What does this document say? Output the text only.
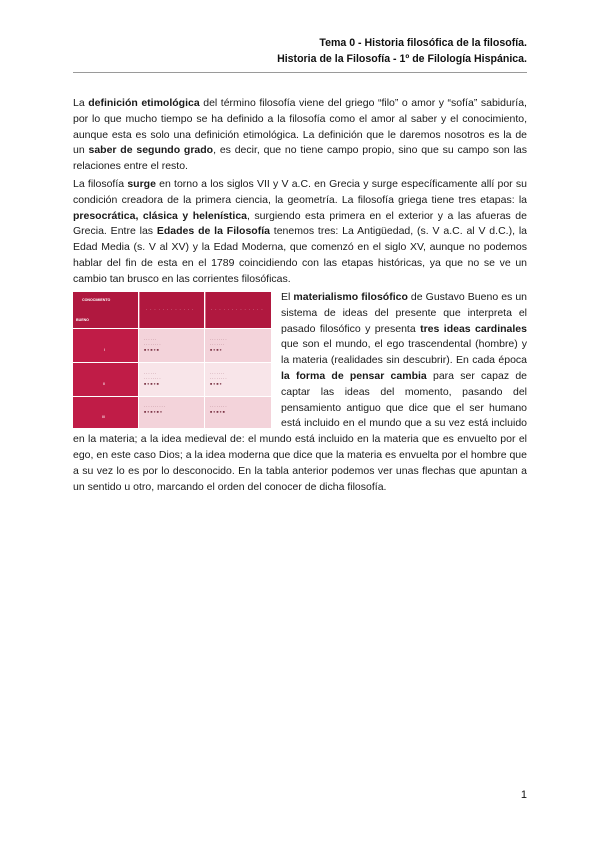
Tema 0 - Historia filosófica de la filosofía.
Historia de la Filosofía - 1º de Filología Hispánica.

La definición etimológica del término filosofía viene del griego “filo” o amor y “sofía” sabiduría, por lo que mucho tiempo se ha definido a la filosofía como el amor al saber y el conocimiento, aunque esta es solo una definición etimológica. La definición que le daremos nosotros es la de un saber de segundo grado, es decir, que no tiene campo propio, sino que su campo son las relaciones entre el resto.

La filosofía surge en torno a los siglos VII y V a.C. en Grecia y surge específicamente allí por su condición creadora de la primera ciencia, la geometría. La filosofía griega tiene tres etapas: la presocrática, clásica y helenística, surgiendo esta primera en el exterior y a las afueras de Grecia. Entre las Edades de la Filosofía tenemos tres: La Antigüedad, (s. V a.C. al V d.C.), la Edad Media (s. V al XV) y la Edad Moderna, que comenzó en el siglo XV, aunque no podemos hablar del fin de esta en el 1789 coincidiendo con las etapas históricas, ya que no se ve un cambio tan brusco en las corrientes filosóficas.

CONOCIMIENTO
BUENO
· · · · · · · · · · · ·	· · · · · · · · · · · · ·
I
· · · · · ·
· · · · · · · ·
■ ● ■ ● ■
· · · · · · · ·
· · · · · · ·
■ ● ■ ●
II
· · · · · ·
· · · · · · · ·
■ ● ■ ● ■
· · · · · · ·
· · · · · · · ·
■ ● ■ ●
III
· · · · · · · · · ·
■ ● ■ ● ■ ●
· · · · · · · ·
■ ● ■ ● ■
El materialismo filosófico de Gustavo Bueno es un sistema de ideas del presente que interpreta el pasado filosófico y presenta tres ideas cardinales que son el mundo, el ego trascendental (hombre) y la materia (realidades sin descubrir). En cada época la forma de pensar cambia para ser capaz de captar las ideas del momento, pasando del pensamiento antiguo que dice que el ser humano está incluido en el mundo que a su vez está incluido en la materia; a la idea medieval de: el mundo está incluido en la materia que es envuelto por el ego, en este caso Dios; a la idea moderna que dice que la materia es envuelta por el hombre que a su vez lo es por lo desconocido. En la tabla anterior podemos ver unas flechas que apuntan a un sentido u otro, marcando el orden del conocer de dicha filosofía.

1
